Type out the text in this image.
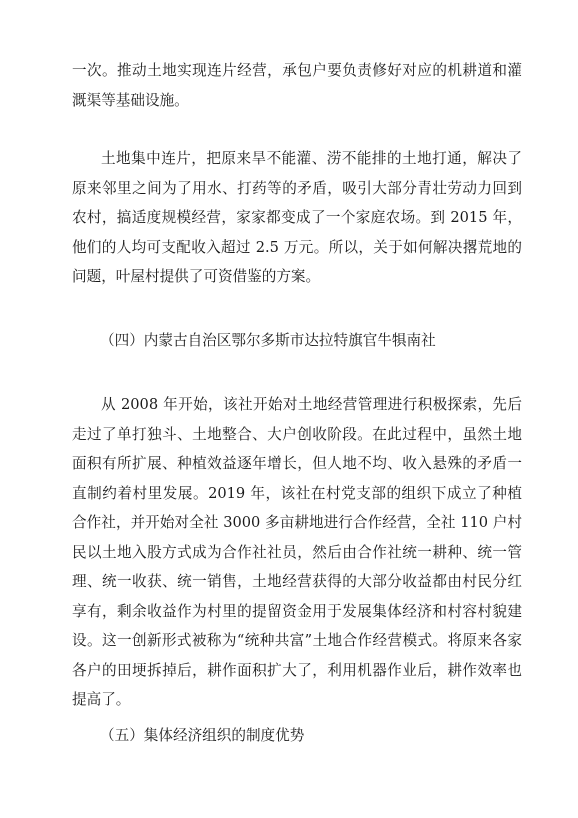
一次。推动土地实现连片经营，承包户要负责修好对应的机耕道和灌溉渠等基础设施。

土地集中连片，把原来旱不能灌、涝不能排的土地打通，解决了原来邻里之间为了用水、打药等的矛盾，吸引大部分青壮劳动力回到农村，搞适度规模经营，家家都变成了一个家庭农场。到 2015 年，他们的人均可支配收入超过 2.5 万元。所以，关于如何解决撂荒地的问题，叶屋村提供了可资借鉴的方案。

（四）内蒙古自治区鄂尔多斯市达拉特旗官牛犋南社

从 2008 年开始，该社开始对土地经营管理进行积极探索，先后走过了单打独斗、土地整合、大户创收阶段。在此过程中，虽然土地面积有所扩展、种植效益逐年增长，但人地不均、收入悬殊的矛盾一直制约着村里发展。2019 年，该社在村党支部的组织下成立了种植合作社，并开始对全社 3000 多亩耕地进行合作经营，全社 110 户村民以土地入股方式成为合作社社员，然后由合作社统一耕种、统一管理、统一收获、统一销售，土地经营获得的大部分收益都由村民分红享有，剩余收益作为村里的提留资金用于发展集体经济和村容村貌建设。这一创新形式被称为“统种共富”土地合作经营模式。将原来各家各户的田埂拆掉后，耕作面积扩大了，利用机器作业后，耕作效率也提高了。

（五）集体经济组织的制度优势
